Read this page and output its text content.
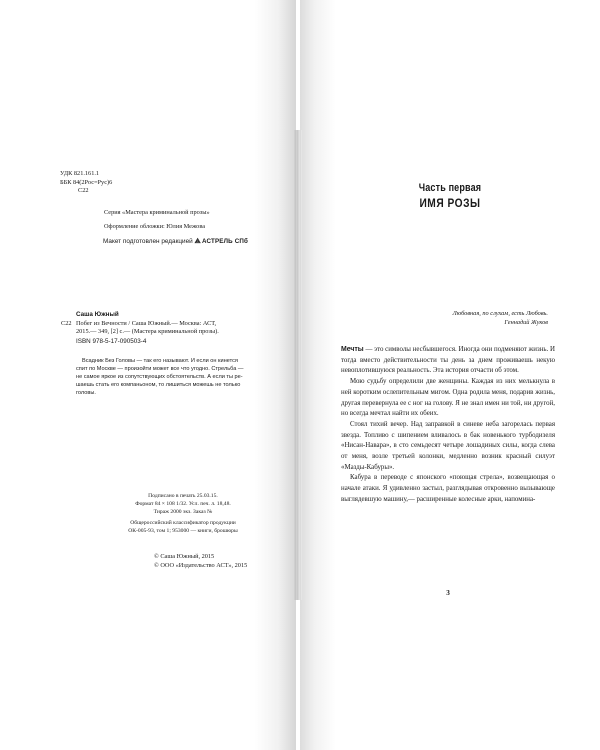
УДК 821.161.1

ББК 84(2Рос=Рус)6

С22

Серия «Мастера криминальной прозы»

Оформление обложки: Юлия Межова

Макет подготовлен редакцией ⟁АСТРЕЛЬ СПб
С22

Саша Южный

Побег из Вечности / Саша Южный.— Москва: АСТ,

2015.— 349, [2] с.— (Мастера криминальной прозы).

ISBN 978-5-17-090503-4

Всадник Без Головы — так его называют. И если он кинется

спит по Москве — произойти может все что угодно. Стрельба —

не самое яркое из сопутствующих обстоятельств. А если ты ре-

шаешь стать его компаньоном, то лишиться можешь не только

головы.

Подписано в печать 25.03.15.

Формат 84 × 108 1/32. Усл. печ. л. 18,48.

Тираж 2000 экз. Заказ №

Общероссийский классификатор продукции

ОК-005-93, том 1; 953000 — книги, брошюры

© Саша Южный, 2015

© ООО «Издательство АСТ», 2015

Часть первая
ИМЯ РОЗЫ
Любовная, по слухам, есть Любовь.
Геннадий Жуков

Мечты — это символы несбывшегося. Иногда они подменяют жизнь. И тогда вместо действительности ты день за днем проживаешь некую невоплотившуюся реальность. Эта история отчасти об этом.

Мою судьбу определили две женщины. Каждая из них мелькнула в ней коротким ослепительным мигом. Одна родила меня, подарив жизнь, другая перевернула ее с ног на голову. Я не знал имен ни той, ни другой, но всегда мечтал найти их обеих.

Стоял тихий вечер. Над заправкой в синеве неба загорелась первая звезда. Топливо с шипением вливалось в бак новенького турбодизеля «Нисан-Навара», в сто семьдесят четыре лошадиных силы, когда слева от меня, возле третьей колонки, медленно возник красный силуэт «Мазды-Кабуры».

Кабура в переводе с японского «поющая стрела», возвещающая о начале атаки. Я удивленно застыл, разглядывая откровенно вызывающе выглядевшую машину,— расширенные колесные арки, напомина-

3
